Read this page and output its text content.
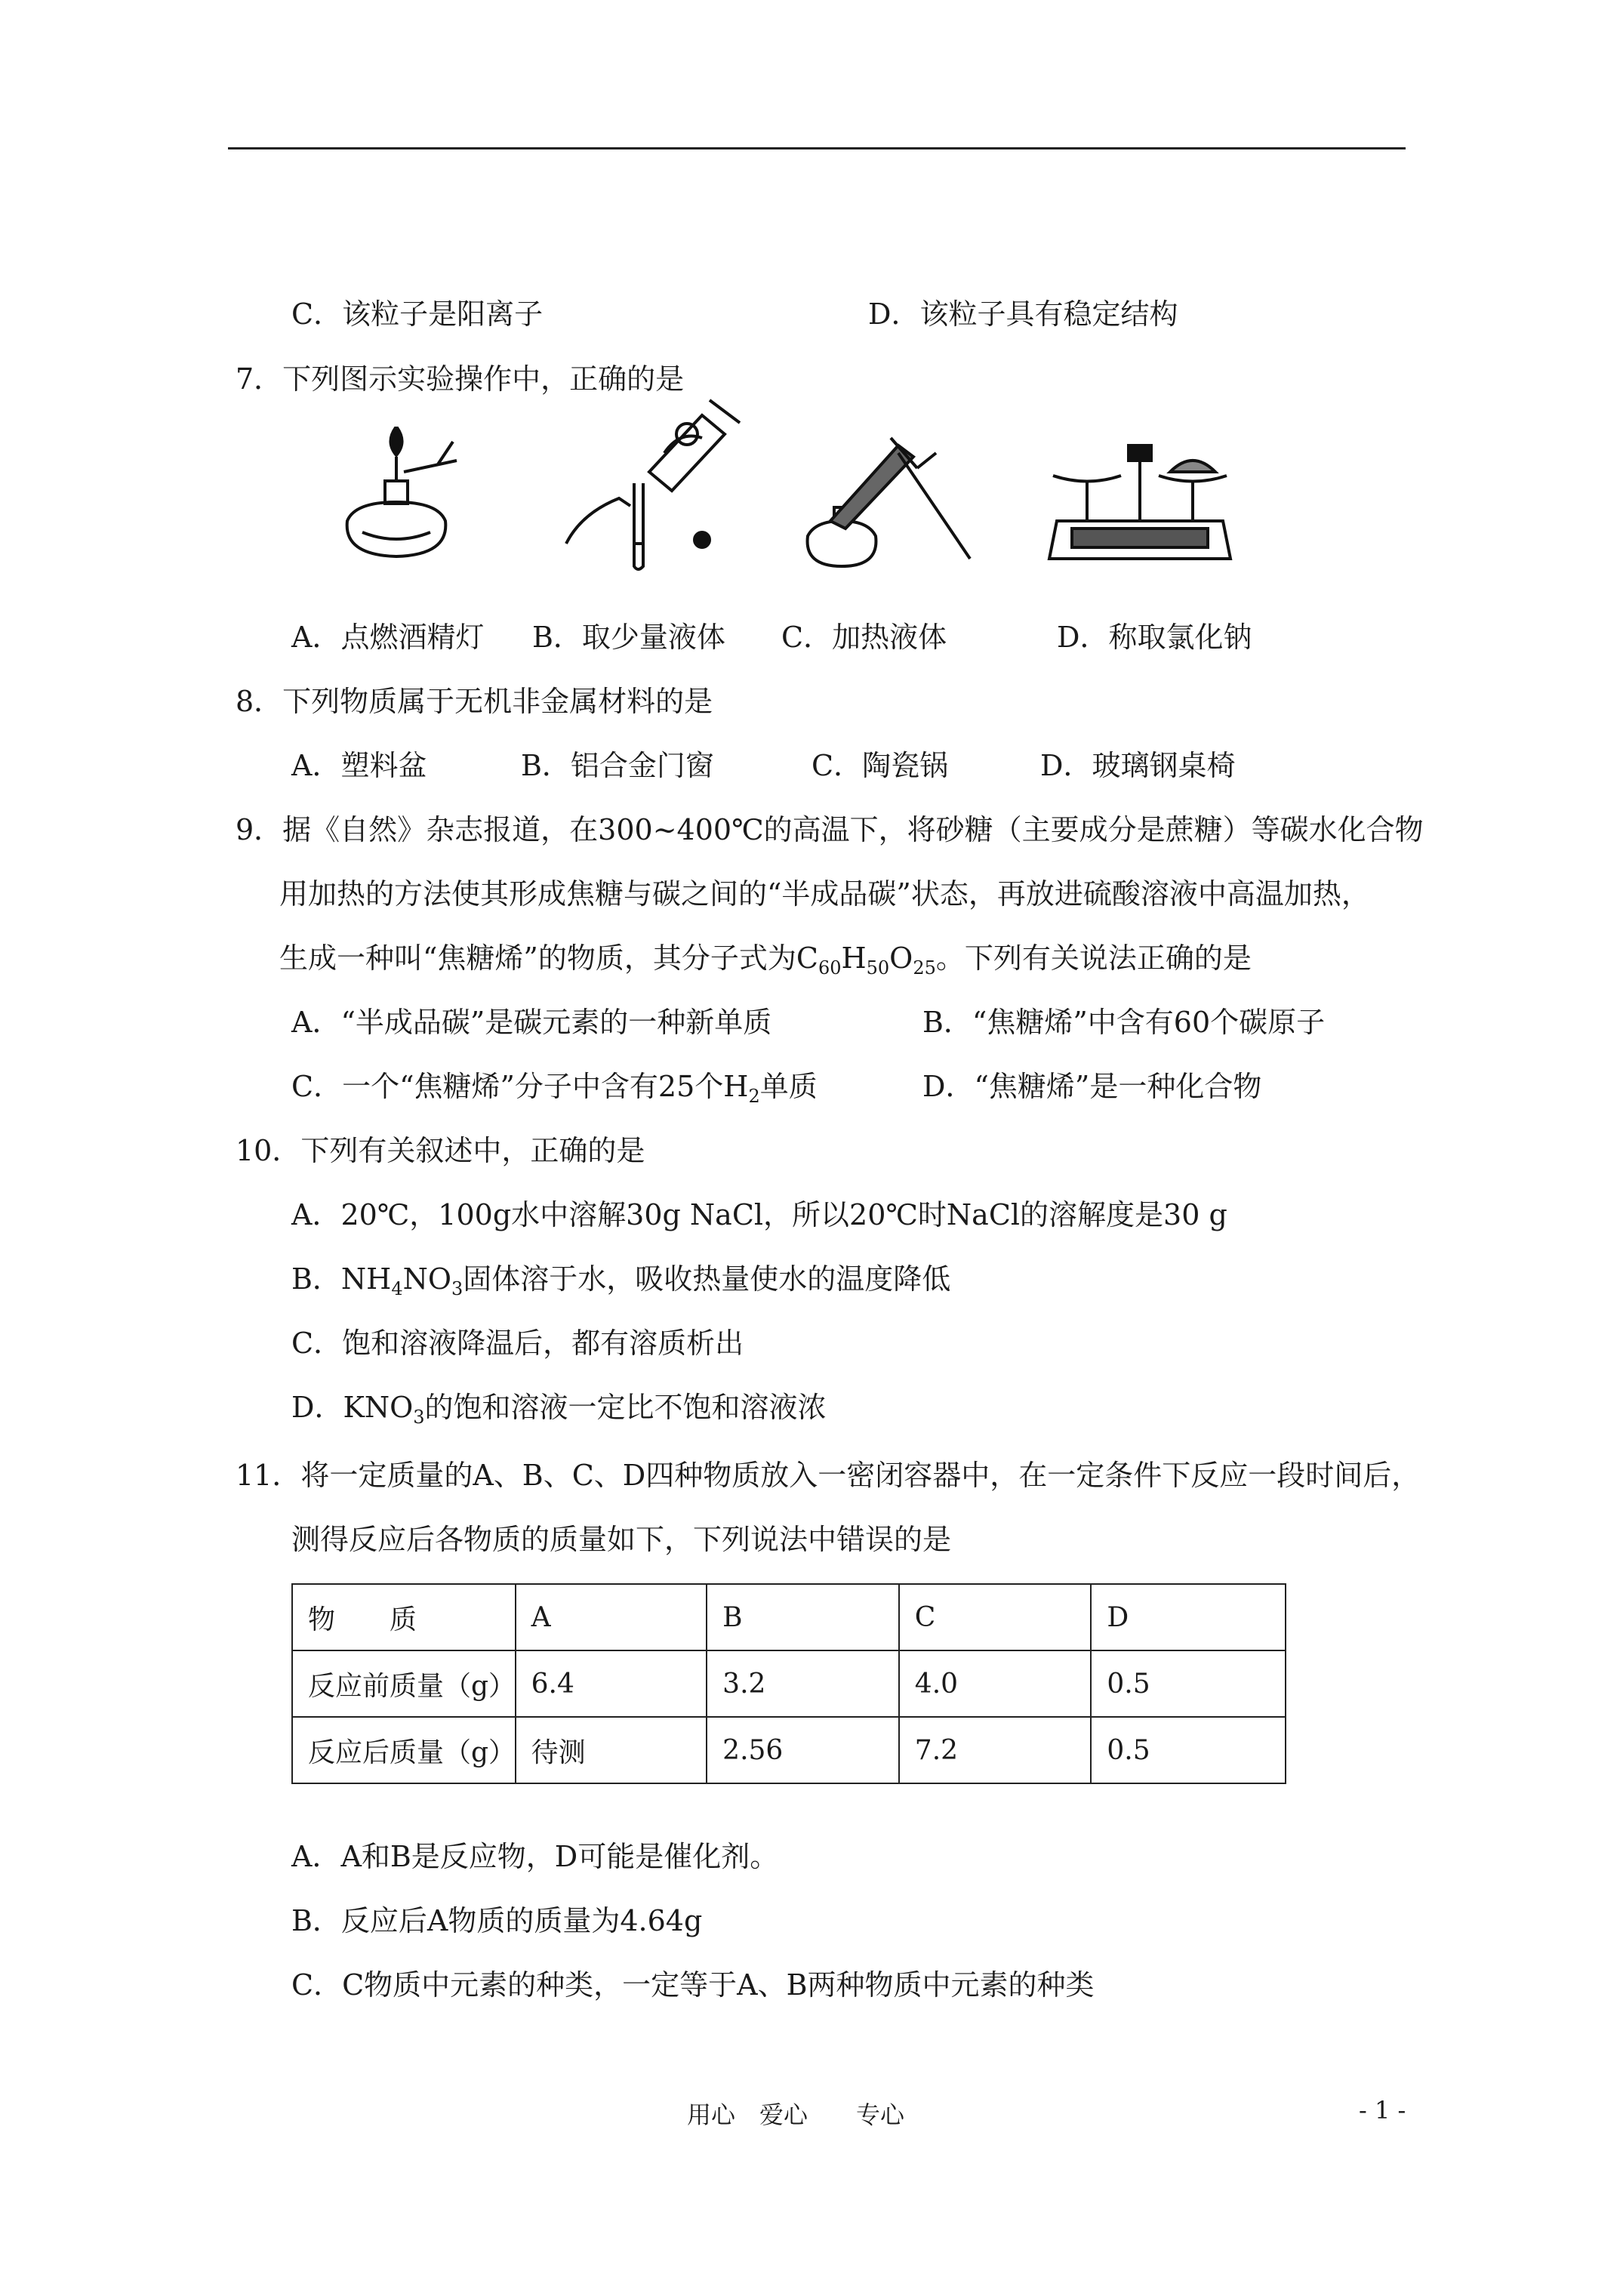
C．该粒子是阳离子	D．该粒子具有稳定结构
7．下列图示实验操作中，正确的是
A．点燃酒精灯 B．取少量液体 C．加热液体	D．称取氯化钠
8．下列物质属于无机非金属材料的是
A．塑料盆	B．铝合金门窗	C．陶瓷锅	D．玻璃钢桌椅
9．据《自然》杂志报道，在300~400℃的高温下，将砂糖（主要成分是蔗糖）等碳水化合物
用加热的方法使其形成焦糖与碳之间的“半成品碳”状态，再放进硫酸溶液中高温加热，
生成一种叫“焦糖烯”的物质，其分子式为$C_{60}H_{50}O_{25}$。下列有关说法正确的是
A．“半成品碳”是碳元素的一种新单质	B．“焦糖烯”中含有60个碳原子
C．一个“焦糖烯”分子中含有25个$H_2$单质	D．“焦糖烯”是一种化合物
10．下列有关叙述中，正确的是
A．20℃，100g水中溶解30g NaCl，所以20℃时NaCl的溶解度是30 g
B．$NH_4NO_3$固体溶于水，吸收热量使水的温度降低
C．饱和溶液降温后，都有溶质析出
D．$KNO_3$的饱和溶液一定比不饱和溶液浓
11．将一定质量的A、B、C、D四种物质放入一密闭容器中，在一定条件下反应一段时间后，
测得反应后各物质的质量如下，下列说法中错误的是
物　　质	A	B	C	D
反应前质量（g）	6.4	3.2	4.0	0.5
反应后质量（g）	待测	2.56	7.2	0.5
A．A和B是反应物，D可能是催化剂。
B．反应后A物质的质量为4.64g
C．C物质中元素的种类，一定等于A、B两种物质中元素的种类
用心　爱心　　专心	- 1 -
